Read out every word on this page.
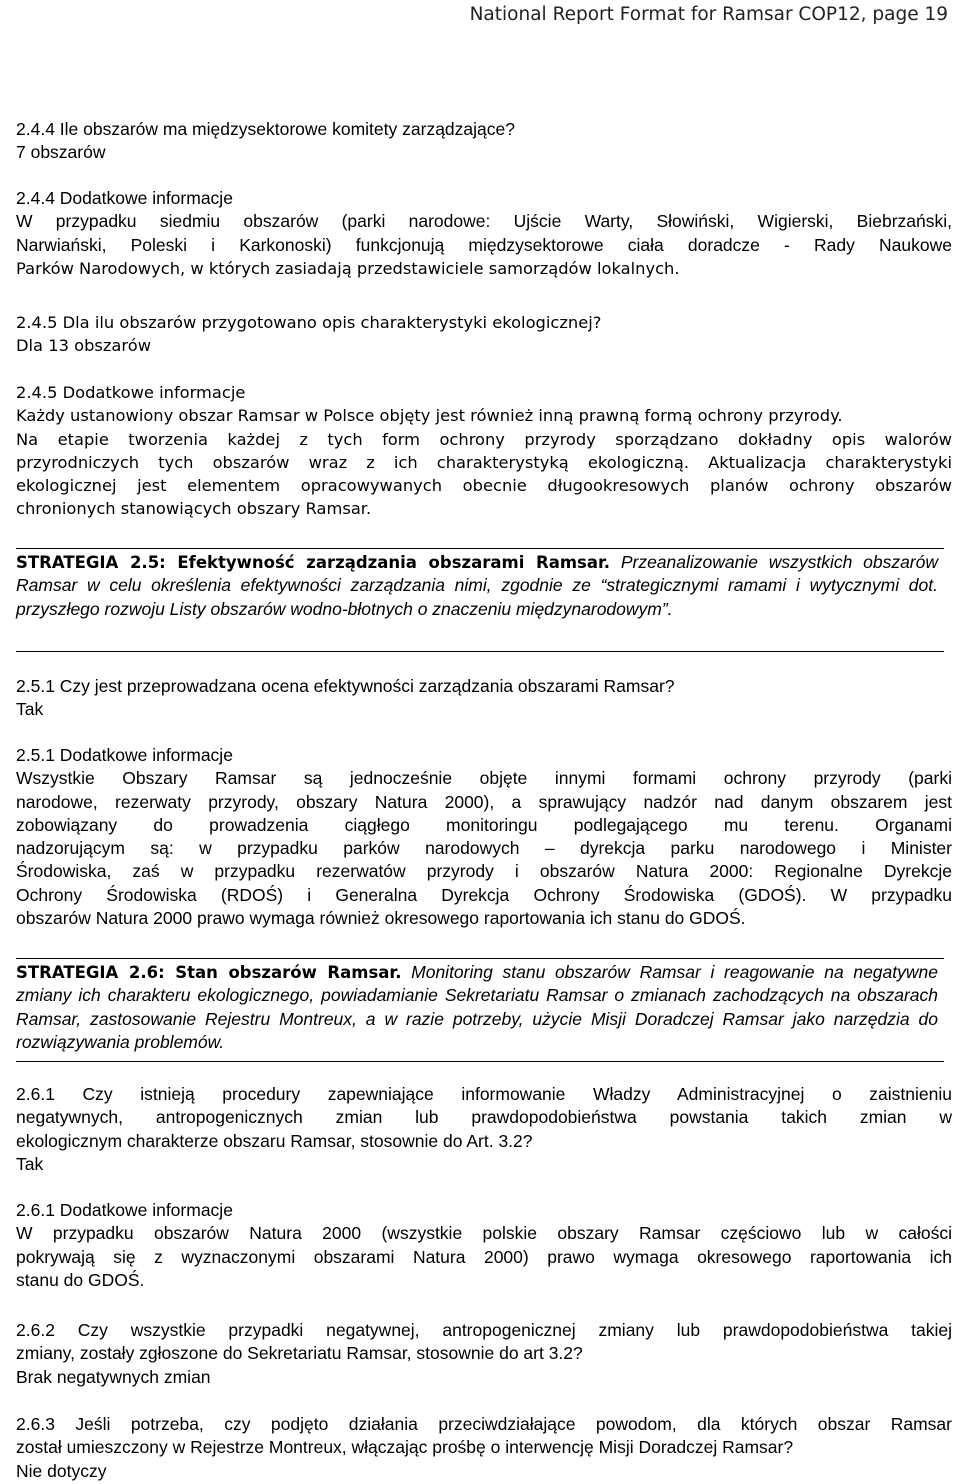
National Report Format for Ramsar COP12, page 19
2.4.4 Ile obszarów ma międzysektorowe komitety zarządzające?
7 obszarów
2.4.4 Dodatkowe informacje
W przypadku siedmiu obszarów (parki narodowe: Ujście Warty, Słowiński, Wigierski, Biebrzański,
Narwiański, Poleski i Karkonoski) funkcjonują międzysektorowe ciała doradcze - Rady Naukowe
Parków Narodowych, w których zasiadają przedstawiciele samorządów lokalnych.
2.4.5 Dla ilu obszarów przygotowano opis charakterystyki ekologicznej?
Dla 13 obszarów
2.4.5 Dodatkowe informacje
Każdy ustanowiony obszar Ramsar w Polsce objęty jest również inną prawną formą ochrony przyrody.
Na etapie tworzenia każdej z tych form ochrony przyrody sporządzano dokładny opis walorów
przyrodniczych tych obszarów wraz z ich charakterystyką ekologiczną. Aktualizacja charakterystyki
ekologicznej jest elementem opracowywanych obecnie długookresowych planów ochrony obszarów
chronionych stanowiących obszary Ramsar.
STRATEGIA 2.5: Efektywność zarządzania obszarami Ramsar. Przeanalizowanie wszystkich obszarów Ramsar w celu określenia efektywności zarządzania nimi, zgodnie ze “strategicznymi ramami i wytycznymi dot. przyszłego rozwoju Listy obszarów wodno-błotnych o znaczeniu międzynarodowym”.
2.5.1 Czy jest przeprowadzana ocena efektywności zarządzania obszarami Ramsar?
Tak
2.5.1 Dodatkowe informacje
Wszystkie Obszary Ramsar są jednocześnie objęte innymi formami ochrony przyrody (parki
narodowe, rezerwaty przyrody, obszary Natura 2000), a sprawujący nadzór nad danym obszarem jest
zobowiązany do prowadzenia ciągłego monitoringu podlegającego mu terenu. Organami
nadzorującym są: w przypadku parków narodowych – dyrekcja parku narodowego i Minister
Środowiska, zaś w przypadku rezerwatów przyrody i obszarów Natura 2000: Regionalne Dyrekcje
Ochrony Środowiska (RDOŚ) i Generalna Dyrekcja Ochrony Środowiska (GDOŚ). W przypadku
obszarów Natura 2000 prawo wymaga również okresowego raportowania ich stanu do GDOŚ.
STRATEGIA 2.6: Stan obszarów Ramsar. Monitoring stanu obszarów Ramsar i reagowanie na negatywne zmiany ich charakteru ekologicznego, powiadamianie Sekretariatu Ramsar o zmianach zachodzących na obszarach Ramsar, zastosowanie Rejestru Montreux, a w razie potrzeby, użycie Misji Doradczej Ramsar jako narzędzia do rozwiązywania problemów.
2.6.1 Czy istnieją procedury zapewniające informowanie Władzy Administracyjnej o zaistnieniu
negatywnych, antropogenicznych zmian lub prawdopodobieństwa powstania takich zmian w
ekologicznym charakterze obszaru Ramsar, stosownie do Art. 3.2?
Tak
2.6.1 Dodatkowe informacje
W przypadku obszarów Natura 2000 (wszystkie polskie obszary Ramsar częściowo lub w całości
pokrywają się z wyznaczonymi obszarami Natura 2000) prawo wymaga okresowego raportowania ich
stanu do GDOŚ.
2.6.2 Czy wszystkie przypadki negatywnej, antropogenicznej zmiany lub prawdopodobieństwa takiej
zmiany, zostały zgłoszone do Sekretariatu Ramsar, stosownie do art 3.2?
Brak negatywnych zmian
2.6.3 Jeśli potrzeba, czy podjęto działania przeciwdziałające powodom, dla których obszar Ramsar
został umieszczony w Rejestrze Montreux, włączając prośbę o interwencję Misji Doradczej Ramsar?
Nie dotyczy
